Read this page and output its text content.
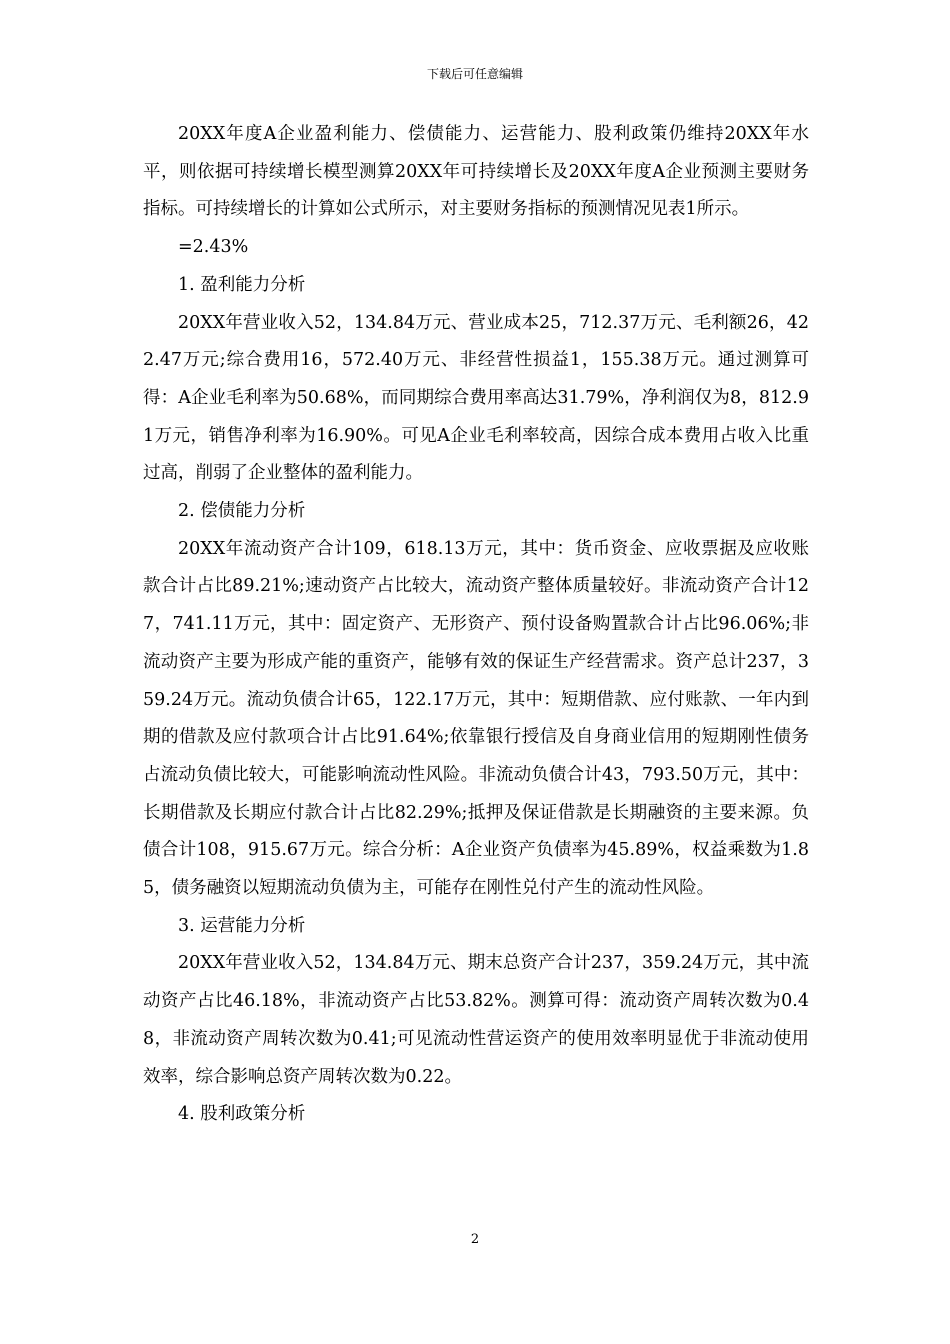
下载后可任意编辑

20XX年度A企业盈利能力、偿债能力、运营能力、股利政策仍维持20XX年水平，则依据可持续增长模型测算20XX年可持续增长及20XX年度A企业预测主要财务指标。可持续增长的计算如公式所示，对主要财务指标的预测情况见表1所示。

=2.43%

1. 盈利能力分析

20XX年营业收入52，134.84万元、营业成本25，712.37万元、毛利额26，422.47万元;综合费用16，572.40万元、非经营性损益1，155.38万元。通过测算可得：A企业毛利率为50.68%，而同期综合费用率高达31.79%，净利润仅为8，812.91万元，销售净利率为16.90%。可见A企业毛利率较高，因综合成本费用占收入比重过高，削弱了企业整体的盈利能力。

2. 偿债能力分析

20XX年流动资产合计109，618.13万元，其中：货币资金、应收票据及应收账款合计占比89.21%;速动资产占比较大，流动资产整体质量较好。非流动资产合计127，741.11万元，其中：固定资产、无形资产、预付设备购置款合计占比96.06%;非流动资产主要为形成产能的重资产，能够有效的保证生产经营需求。资产总计237，359.24万元。流动负债合计65，122.17万元，其中：短期借款、应付账款、一年内到期的借款及应付款项合计占比91.64%;依靠银行授信及自身商业信用的短期刚性债务占流动负债比较大，可能影响流动性风险。非流动负债合计43，793.50万元，其中：长期借款及长期应付款合计占比82.29%;抵押及保证借款是长期融资的主要来源。负债合计108，915.67万元。综合分析：A企业资产负债率为45.89%，权益乘数为1.85，债务融资以短期流动负债为主，可能存在刚性兑付产生的流动性风险。

3. 运营能力分析

20XX年营业收入52，134.84万元、期末总资产合计237，359.24万元，其中流动资产占比46.18%，非流动资产占比53.82%。测算可得：流动资产周转次数为0.48，非流动资产周转次数为0.41;可见流动性营运资产的使用效率明显优于非流动使用效率，综合影响总资产周转次数为0.22。

4. 股利政策分析

2
